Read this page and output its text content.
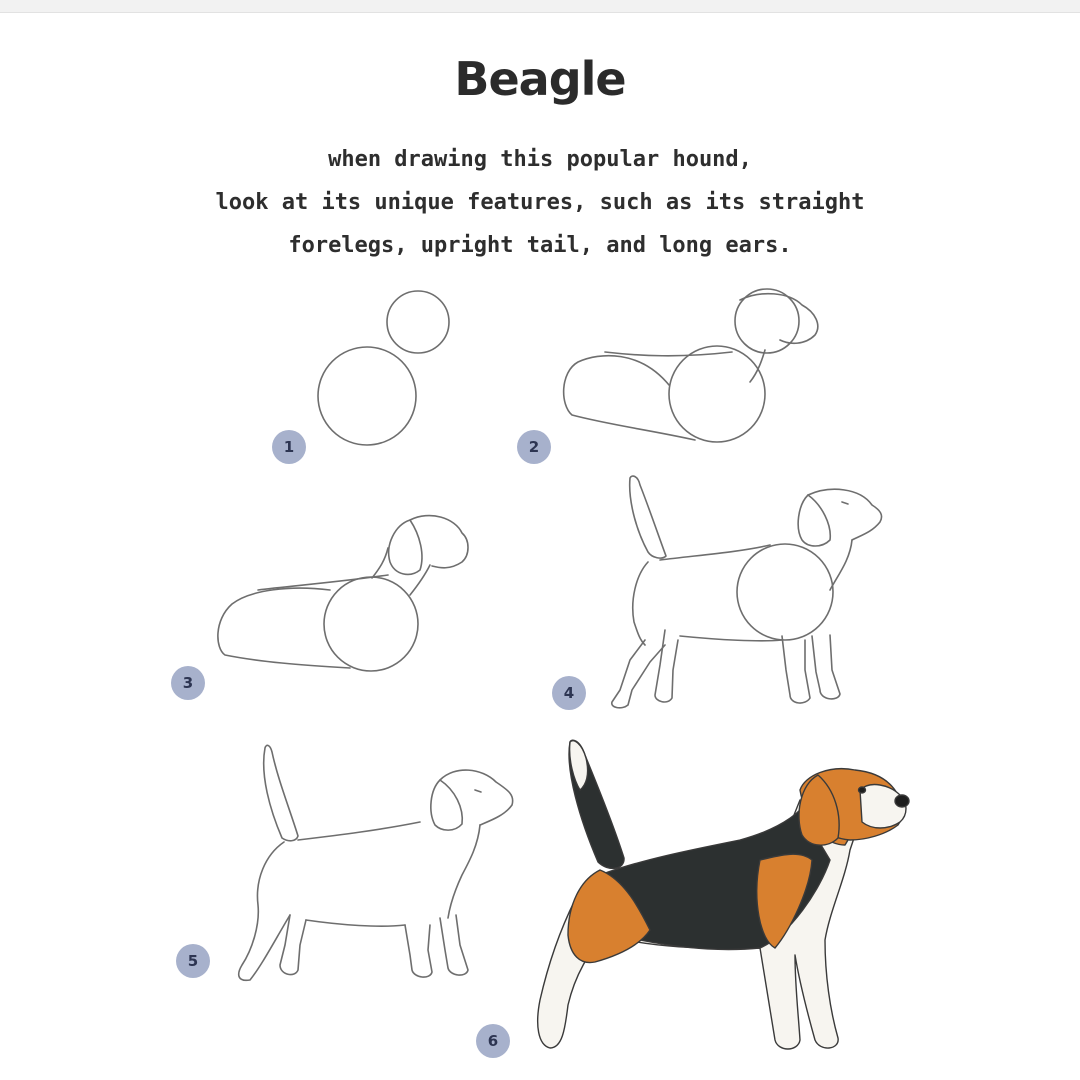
Beagle
when drawing this popular hound,
look at its unique features, such as its straight
forelegs, upright tail, and long ears.
1	2
3
4
5
6
